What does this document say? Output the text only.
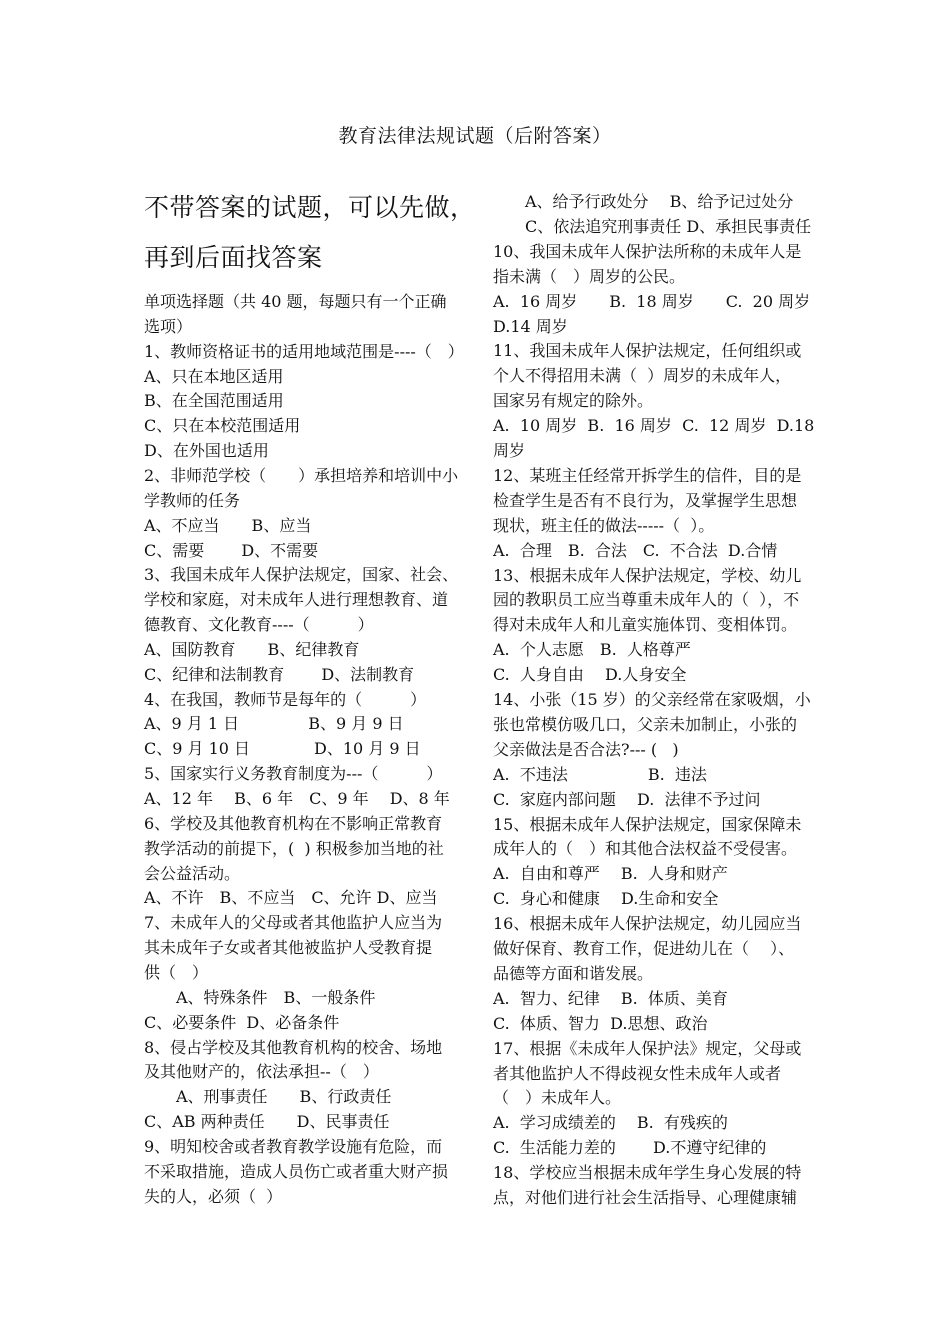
教育法律法规试题（后附答案）
不带答案的试题，可以先做，
再到后面找答案
单项选择题（共 40 题，每题只有一个正确
选项）
1、教师资格证书的适用地域范围是----（　）
A、只在本地区适用
B、在全国范围适用
C、只在本校范围适用
D、在外国也适用
2、非师范学校（　　）承担培养和培训中小
学教师的任务
A、不应当　　B、应当
C、需要　　 D、不需要
3、我国未成年人保护法规定，国家、社会、
学校和家庭，对未成年人进行理想教育、道
德教育、文化教育----（　　　）
A、国防教育　　B、纪律教育
C、纪律和法制教育　　 D、法制教育
4、在我国，教师节是每年的（　　　）
A、9 月 1 日　　　　 B、9 月 9 日
C、9 月 10 日　　　　D、10 月 9 日
5、国家实行义务教育制度为---（　　　）
A、12 年　 B、6 年　C、9 年　 D、8 年
6、学校及其他教育机构在不影响正常教育
教学活动的前提下，(  ) 积极参加当地的社
会公益活动。
A、不许　B、不应当　C、允许 D、应当
7、未成年人的父母或者其他监护人应当为
其未成年子女或者其他被监护人受教育提
供（　）
　　A、特殊条件　B、一般条件
C、必要条件  D、必备条件
8、侵占学校及其他教育机构的校舍、场地
及其他财产的，依法承担--（　）
　　A、刑事责任　　B、行政责任
C、AB 两种责任　　D、民事责任
9、明知校舍或者教育教学设施有危险，而
不采取措施，造成人员伤亡或者重大财产损
失的人，必须（  ）
　　A、给予行政处分　 B、给予记过处分
　　C、依法追究刑事责任 D、承担民事责任
10、我国未成年人保护法所称的未成年人是
指未满（　）周岁的公民。
A.  16 周岁　　B.  18 周岁　　C.  20 周岁
D.14 周岁
11、我国未成年人保护法规定，任何组织或
个人不得招用未满（  ）周岁的未成年人，
国家另有规定的除外。
A.  10 周岁  B.  16 周岁  C.  12 周岁  D.18
周岁
12、某班主任经常开拆学生的信件，目的是
检查学生是否有不良行为，及掌握学生思想
现状，班主任的做法-----（  ）。
A.  合理　B.  合法　C.  不合法  D.合情
13、根据未成年人保护法规定，学校、幼儿
园的教职员工应当尊重未成年人的（  ），不
得对未成年人和儿童实施体罚、变相体罚。
A.  个人志愿　B.  人格尊严
C.  人身自由　 D.人身安全
14、小张（15 岁）的父亲经常在家吸烟，小
张也常模仿吸几口，父亲未加制止，小张的
父亲做法是否合法?--- (   )
A.  不违法　　　　　B.  违法
C.  家庭内部问题　 D.  法律不予过问
15、根据未成年人保护法规定，国家保障未
成年人的（　）和其他合法权益不受侵害。
A.  自由和尊严　 B.  人身和财产
C.  身心和健康　 D.生命和安全
16、根据未成年人保护法规定，幼儿园应当
做好保育、教育工作，促进幼儿在（　 ）、
品德等方面和谐发展。
A.  智力、纪律　 B.  体质、美育
C.  体质、智力  D.思想、政治
17、根据《未成年人保护法》规定，父母或
者其他监护人不得歧视女性未成年人或者
（　）未成年人。
A.  学习成绩差的　 B.  有残疾的
C.  生活能力差的　　 D.不遵守纪律的
18、学校应当根据未成年学生身心发展的特
点，对他们进行社会生活指导、心理健康辅
